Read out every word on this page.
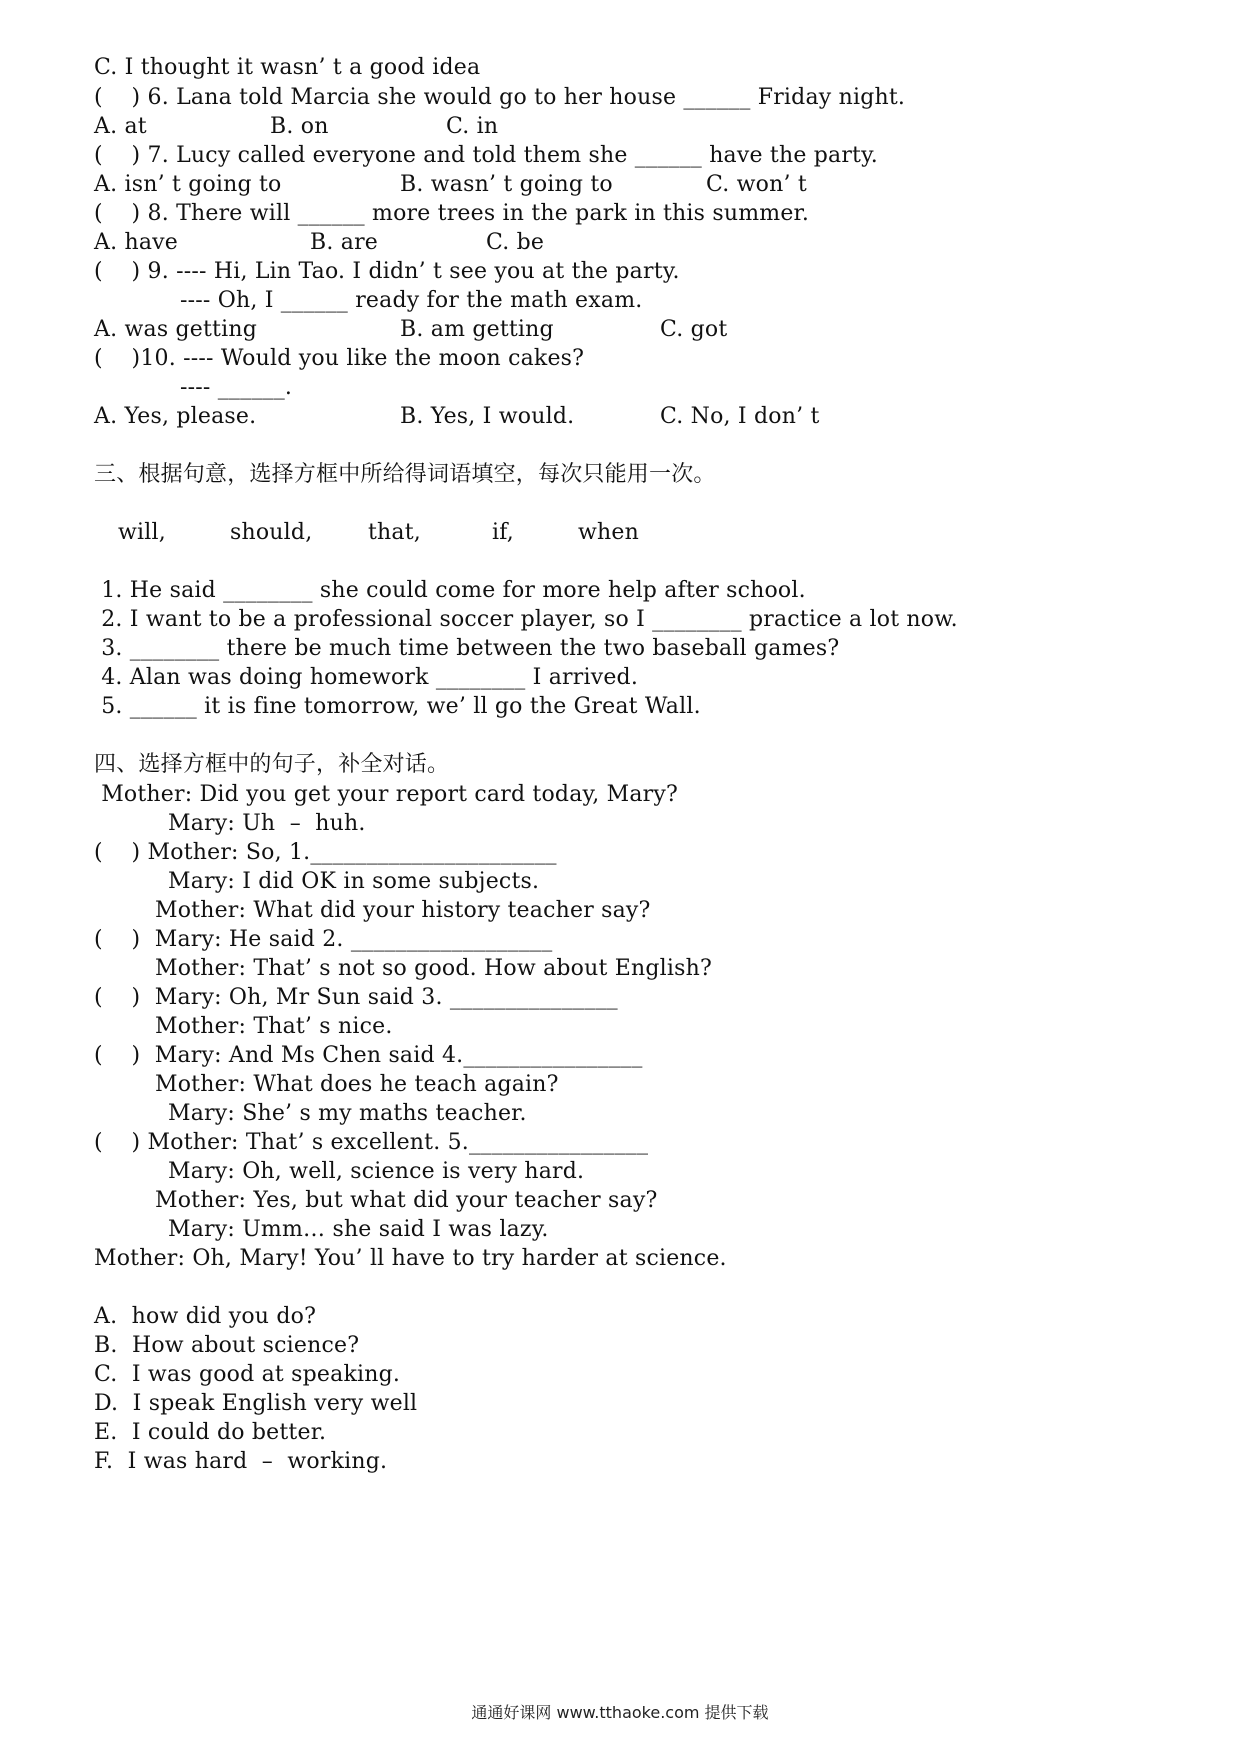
C. I thought it wasn’ t a good idea
(    ) 6. Lana told Marcia she would go to her house ______ Friday night.
A. at	B. on	C. in
(    ) 7. Lucy called everyone and told them she ______ have the party.
A. isn’ t going to	B. wasn’ t going to	C. won’ t
(    ) 8. There will ______ more trees in the park in this summer.
A. have	B. are	C. be
(    ) 9. ---- Hi, Lin Tao. I didn’ t see you at the party.
---- Oh, I ______ ready for the math exam.
A. was getting	B. am getting	C. got
(    )10. ---- Would you like the moon cakes?
---- ______.
A. Yes, please.	B. Yes, I would.	C. No, I don’ t
三、根据句意，选择方框中所给得词语填空，每次只能用一次。
will,	should,	that,	if,	when
1. He said ________ she could come for more help after school.
2. I want to be a professional soccer player, so I ________ practice a lot now.
3. ________ there be much time between the two baseball games?
4. Alan was doing homework ________ I arrived.
5. ______ it is fine tomorrow, we’ ll go the Great Wall.
四、选择方框中的句子，补全对话。
Mother: Did you get your report card today, Mary?
Mary: Uh  –  huh.
(    ) Mother: So, 1.______________________
Mary: I did OK in some subjects.
Mother: What did your history teacher say?
(    )  Mary: He said 2. __________________
Mother: That’ s not so good. How about English?
(    )  Mary: Oh, Mr Sun said 3. _______________
Mother: That’ s nice.
(    )  Mary: And Ms Chen said 4.________________
Mother: What does he teach again?
Mary: She’ s my maths teacher.
(    ) Mother: That’ s excellent. 5.________________
Mary: Oh, well, science is very hard.
Mother: Yes, but what did your teacher say?
Mary: Umm… she said I was lazy.
Mother: Oh, Mary! You’ ll have to try harder at science.
A.  how did you do?
B.  How about science?
C.  I was good at speaking.
D.  I speak English very well
E.  I could do better.
F.  I was hard  –  working.
通通好课网 www.tthaoke.com 提供下载
